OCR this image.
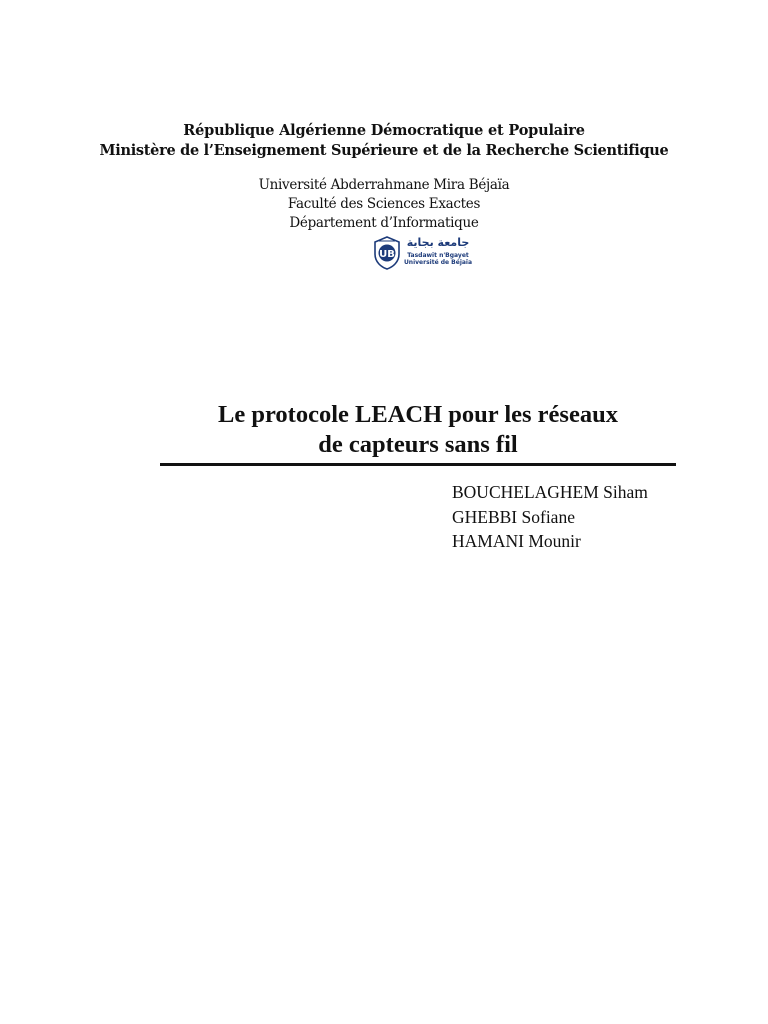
République Algérienne Démocratique et Populaire
Ministère de l’Enseignement Supérieure et de la Recherche Scientifique
Université Abderrahmane Mira Béjaïa
Faculté des Sciences Exactes
Département d’Informatique
UB
جامعة بجاية
Tasdawit n'Bgayet
Université de Béjaïa
Le protocole LEACH pour les réseaux
de capteurs sans fil
BOUCHELAGHEM Siham
GHEBBI Sofiane
HAMANI Mounir
